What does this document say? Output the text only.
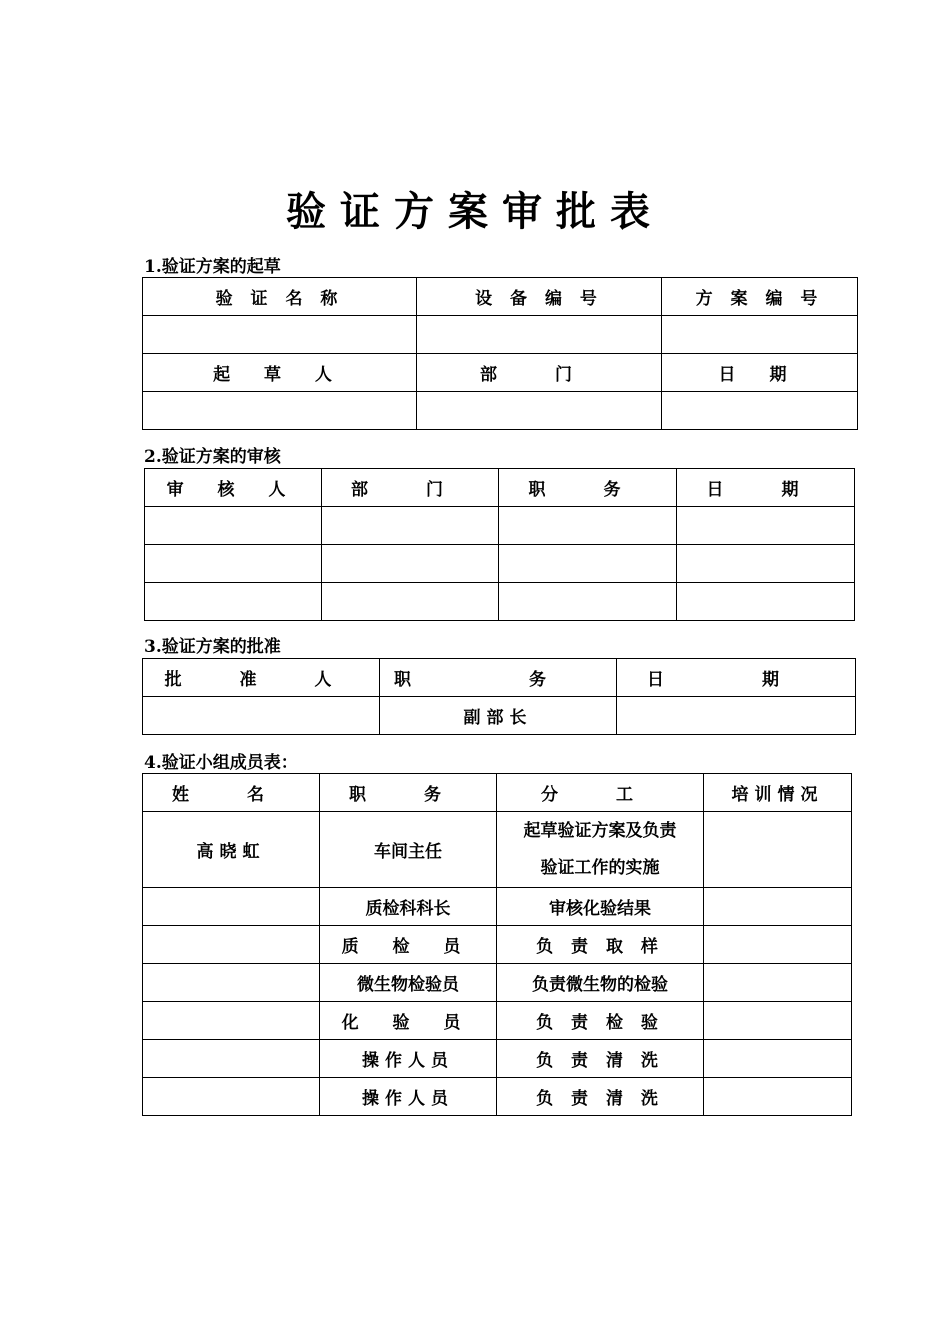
验证方案审批表
1.验证方案的起草
验 证 名 称	设 备 编 号	方 案 编 号

起 草 人	部 门	日 期

2.验证方案的审核
审 核 人	部 门	职 务	日 期

3.验证方案的批准
批 准 人	职 务	日 期
	副部长	
4.验证小组成员表：
姓 名	职 务	分 工	培训情况
高晓虹	车间主任	起草验证方案及负责
验证工作的实施	

	质检科科长	审核化验结果	
	质 检 员	负 责 取 样	
	微生物检验员	负责微生物的检验	
	化 验 员	负 责 检 验	
	操作人员	负 责 清 洗	
	操作人员	负 责 清 洗	
